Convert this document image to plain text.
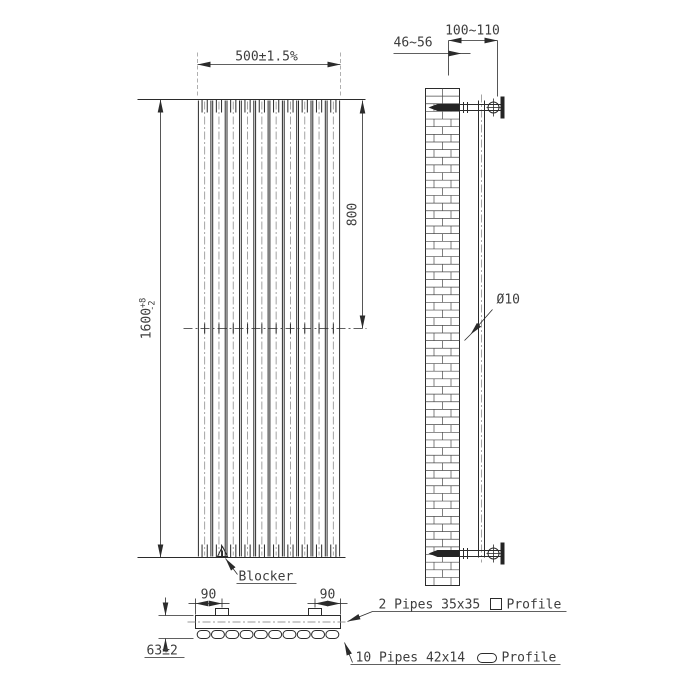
500±1.5%
$1600^{+8}-2$
800
Blocker
100~110
46~56
Ø10
90	90
63±2
2 Pipes 35x35 Profile
10 Pipes 42x14	Profile
